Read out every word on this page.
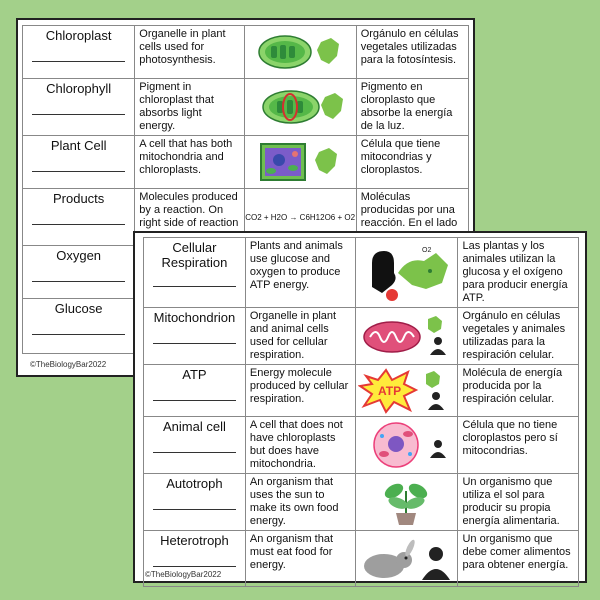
Chloroplast	Organelle in plant cells used for photosynthesis.		Orgánulo en células vegetales utilizadas para la fotosíntesis.
Chlorophyll	Pigment in chloroplast that absorbs light energy.		Pigmento en cloroplasto que absorbe la energía de la luz.
Plant Cell	A cell that has both mitochondria and chloroplasts.		Célula que tiene mitocondrias y cloroplastos.
Products	Molecules produced by a reaction. On right side of reaction	CO2 + H2O → C6H12O6 + O2	Moléculas producidas por una reacción. En el lado
Oxygen

Glucose

©TheBiologyBar2022
Cellular Respiration	Plants and animals use glucose and oxygen to produce ATP energy.	O2	Las plantas y los animales utilizan la glucosa y el oxígeno para producir energía ATP.
Mitochondrion	Organelle in plant and animal cells used for cellular respiration.		Orgánulo en células vegetales y animales utilizadas para la respiración celular.
ATP	Energy molecule produced by cellular respiration.	ATP	Molécula de energía producida por la respiración celular.
Animal cell	A cell that does not have chloroplasts but does have mitochondria.		Célula que no tiene cloroplastos pero sí mitocondrias.
Autotroph	An organism that uses the sun to make its own food energy.		Un organismo que utiliza el sol para producir su propia energía alimentaria.
Heterotroph	An organism that must eat food for energy.		Un organismo que debe comer alimentos para obtener energía.
©TheBiologyBar2022
